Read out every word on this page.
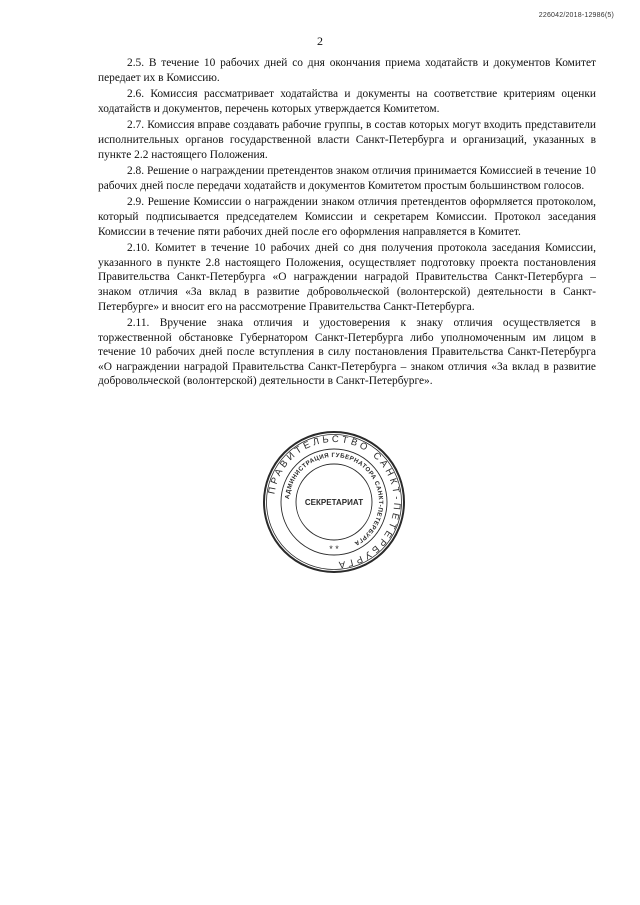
226042/2018-12986(5)
2

2.5. В течение 10 рабочих дней со дня окончания приема ходатайств и документов Комитет передает их в Комиссию.

2.6. Комиссия рассматривает ходатайства и документы на соответствие критериям оценки ходатайств и документов, перечень которых утверждается Комитетом.

2.7. Комиссия вправе создавать рабочие группы, в состав которых могут входить представители исполнительных органов государственной власти Санкт-Петербурга и организаций, указанных в пункте 2.2 настоящего Положения.

2.8. Решение о награждении претендентов знаком отличия принимается Комиссией в течение 10 рабочих дней после передачи ходатайств и документов Комитетом простым большинством голосов.

2.9. Решение Комиссии о награждении знаком отличия претендентов оформляется протоколом, который подписывается председателем Комиссии и секретарем Комиссии. Протокол заседания Комиссии в течение пяти рабочих дней после его оформления направляется в Комитет.

2.10. Комитет в течение 10 рабочих дней со дня получения протокола заседания Комиссии, указанного в пункте 2.8 настоящего Положения, осуществляет подготовку проекта постановления Правительства Санкт-Петербурга «О награждении наградой Правительства Санкт-Петербурга – знаком отличия «За вклад в развитие добровольческой (волонтерской) деятельности в Санкт-Петербурге» и вносит его на рассмотрение Правительства Санкт-Петербурга.

2.11. Вручение знака отличия и удостоверения к знаку отличия осуществляется в торжественной обстановке Губернатором Санкт-Петербурга либо уполномоченным им лицом в течение 10 рабочих дней после вступления в силу постановления Правительства Санкт-Петербурга «О награждении наградой Правительства Санкт-Петербурга – знаком отличия «За вклад в развитие добровольческой (волонтерской) деятельности в Санкт-Петербурге».

ПРАВИТЕЛЬСТВО САНКТ-ПЕТЕРБУРГА
АДМИНИСТРАЦИЯ ГУБЕРНАТОРА САНКТ-ПЕТЕРБУРГА
СЕКРЕТАРИАТ
* *
